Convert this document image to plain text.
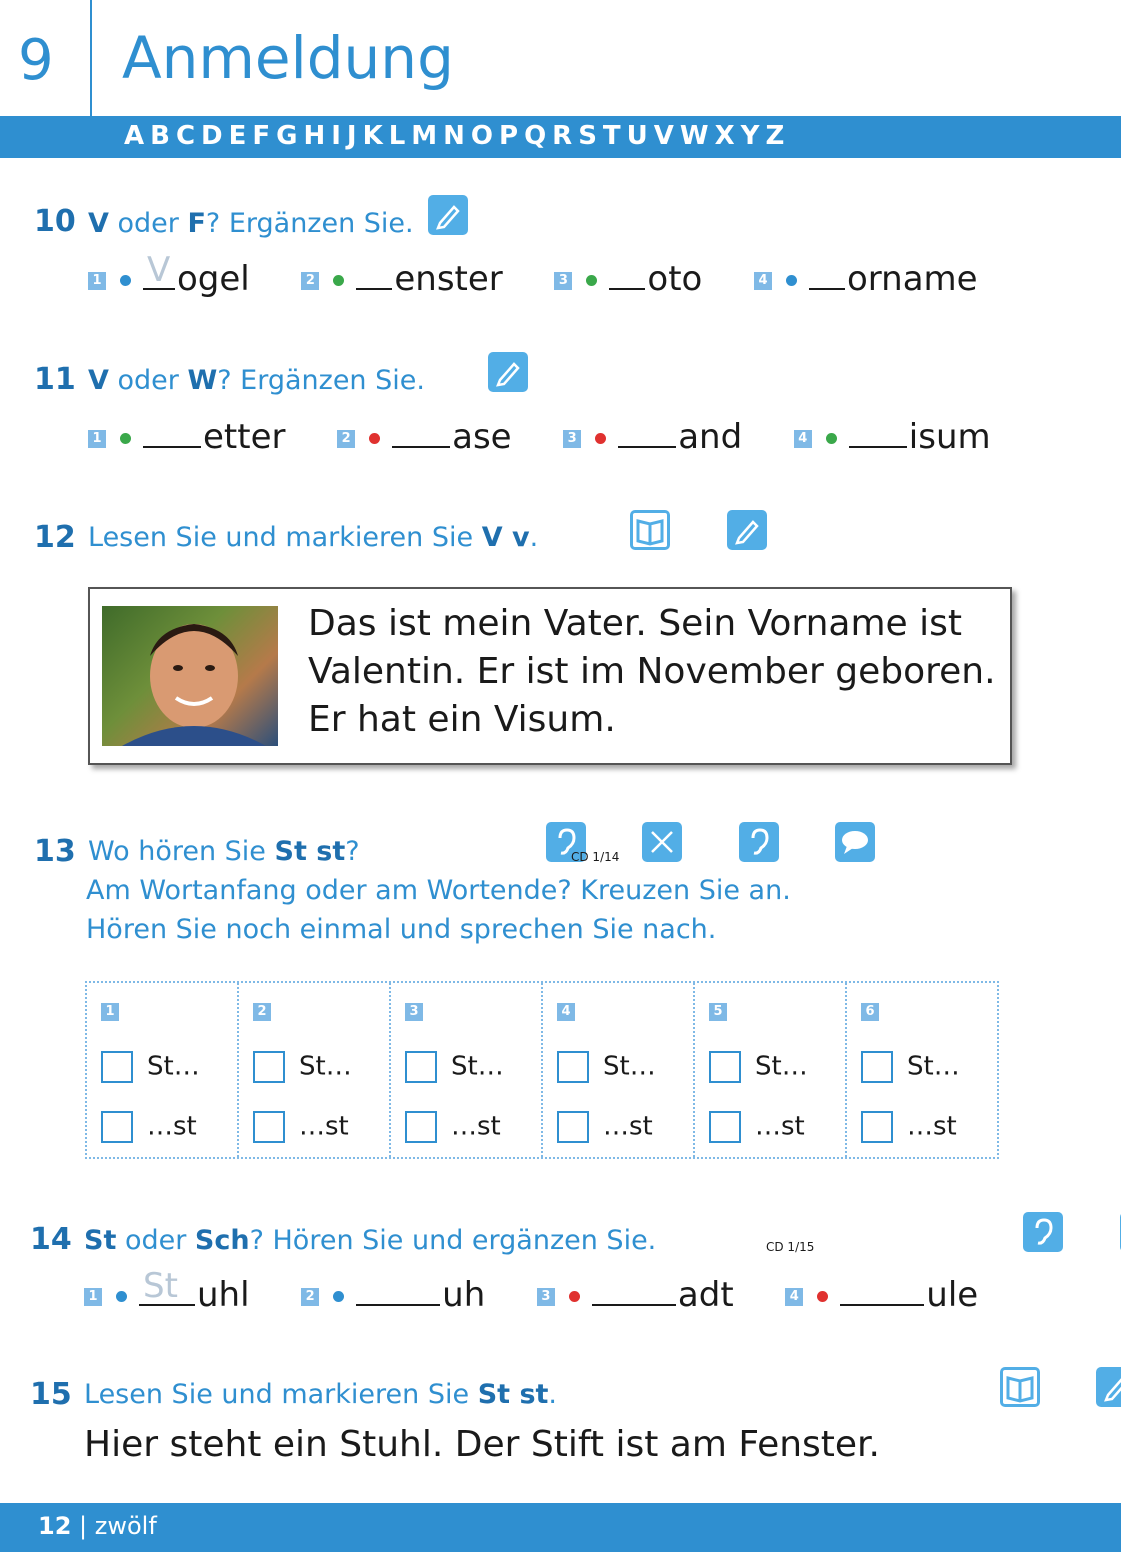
9 Anmeldung
ABCDEFGHIJKLMNOPQRSTUVWXYZ
10 V oder F? Ergänzen Sie.

1 V ogel	2 enster	3 oto	4 orname
11 V oder W? Ergänzen Sie.

1	etter	2	ase	3	and	4	isum
12 Lesen Sie und markieren Sie V v.

Das ist mein Vater. Sein Vorname ist
Valentin. Er ist im November geboren.
Er hat ein Visum.
13 Wo hören Sie St st?
	CD 1/14
Am Wortanfang oder am Wortende? Kreuzen Sie an.
Hören Sie noch einmal und sprechen Sie nach.
1
St…
…st
2
St…
…st
3
St…
…st
4
St…
…st
5
St…
…st
6
St…
…st
14 St oder Sch? Hören Sie und ergänzen Sie.
	CD 1/15
1 St uhl	2	uh	3	adt	4	ule
15 Lesen Sie und markieren Sie St st.

Hier steht ein Stuhl. Der Stift ist am Fenster.
12 | zwölf
